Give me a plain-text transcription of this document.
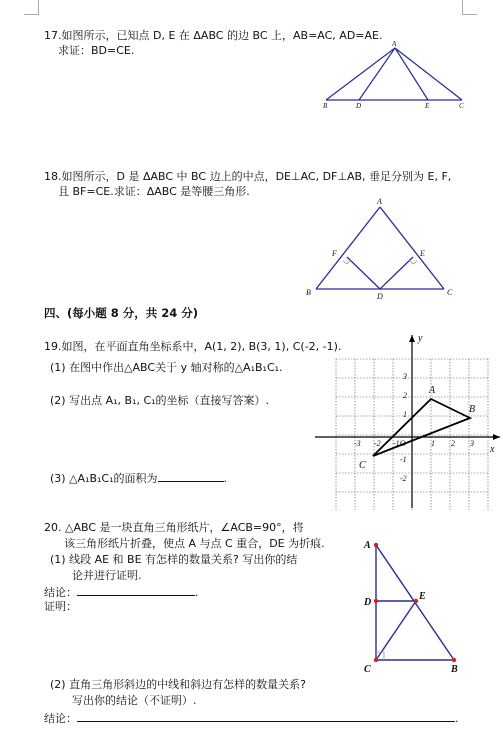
17.如图所示，已知点 D, E 在 ΔABC 的边 BC 上，AB=AC, AD=AE.
求证：BD=CE.	A
B	D	E	C
18.如图所示，D 是 ΔABC 中 BC 边上的中点，DE⊥AC, DF⊥AB, 垂足分别为 E, F,
且 BF=CE.求证：ΔABC 是等腰三角形.
A
B	C
D
E
F
四、(每小题 8 分，共 24 分)
19.如图，在平面直角坐标系中，A(1, 2), B(3, 1), C(-2, -1).
(1) 在图中作出△ABC关于 y 轴对称的△A₁B₁C₁.
(2) 写出点 A₁, B₁, C₁的坐标（直接写答案）.
(3) △A₁B₁C₁的面积为	.
x
y
O
-3 -2 -1	1 2 3
3
2
1
-1
-2
A
B
C
20. △ABC 是一块直角三角形纸片，∠ACB=90°，将
该三角形纸片折叠，使点 A 与点 C 重合，DE 为折痕.
(1) 线段 AE 和 BE 有怎样的数量关系? 写出你的结
论并进行证明.
结论：	.
证明：
(2) 直角三角形斜边的中线和斜边有怎样的数量关系?
写出你的结论（不证明）.
结论：	.
A
D
E
C	B
